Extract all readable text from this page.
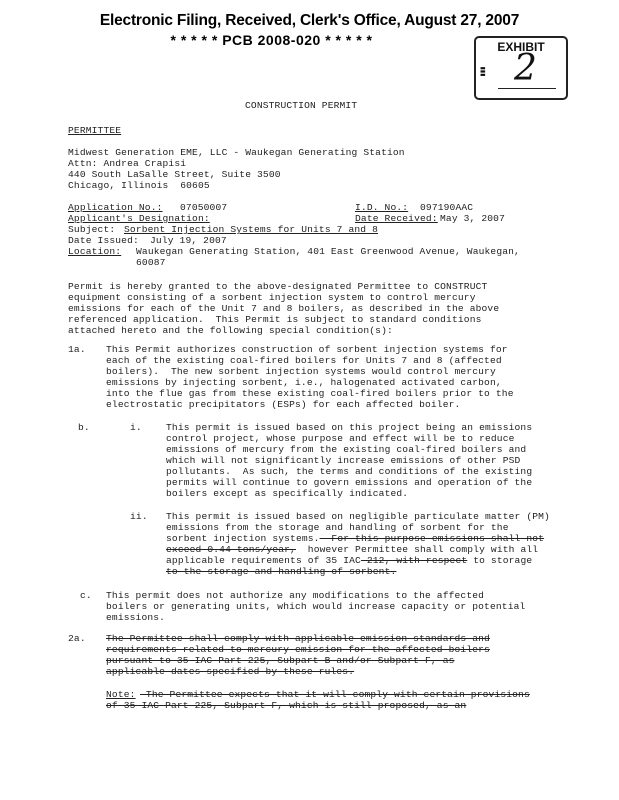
Electronic Filing, Received, Clerk's Office, August 27, 2007
* * * * * PCB 2008-020 * * * * *	EXHIBIT
▮▮▮ 2
CONSTRUCTION PERMIT
PERMITTEE
Midwest Generation EME, LLC - Waukegan Generating Station
Attn: Andrea Crapisi
440 South LaSalle Street, Suite 3500
Chicago, Illinois  60605
Application No.: 07050007	I.D. No.: 097190AAC
Applicant's Designation:	Date Received: May 3, 2007
Subject: Sorbent Injection Systems for Units 7 and 8
Date Issued: July 19, 2007
Location: Waukegan Generating Station, 401 East Greenwood Avenue, Waukegan,
60087
Permit is hereby granted to the above-designated Permittee to CONSTRUCT
equipment consisting of a sorbent injection system to control mercury
emissions for each of the Unit 7 and 8 boilers, as described in the above
referenced application.  This Permit is subject to standard conditions
attached hereto and the following special condition(s):
1a. This Permit authorizes construction of sorbent injection systems for
each of the existing coal-fired boilers for Units 7 and 8 (affected
boilers).  The new sorbent injection systems would control mercury
emissions by injecting sorbent, i.e., halogenated activated carbon,
into the flue gas from these existing coal-fired boilers prior to the
electrostatic precipitators (ESPs) for each affected boiler.
b.	i.	This permit is issued based on this project being an emissions
control project, whose purpose and effect will be to reduce
emissions of mercury from the existing coal-fired boilers and
which will not significantly increase emissions of other PSD
pollutants.  As such, the terms and conditions of the existing
permits will continue to govern emissions and operation of the
boilers except as specifically indicated.
ii. This permit is issued based on negligible particulate matter (PM)
emissions from the storage and handling of sorbent for the
sorbent injection systems.  For this purpose emissions shall not
exceed 0.44 tons/year,  however Permittee shall comply with all
applicable requirements of 35 IAC 212, with respect to storage
to the storage and handling of sorbent.
c. This permit does not authorize any modifications to the affected
boilers or generating units, which would increase capacity or potential
emissions.
2a. The Permittee shall comply with applicable emission standards and
requirements related to mercury emission for the affected boilers
pursuant to 35 IAC Part 225, Subpart B and/or Subpart F, as
applicable dates specified by these rules.
Note: The Permittee expects that it will comply with certain provisions
of 35 IAC Part 225, Subpart F, which is still proposed, as an
